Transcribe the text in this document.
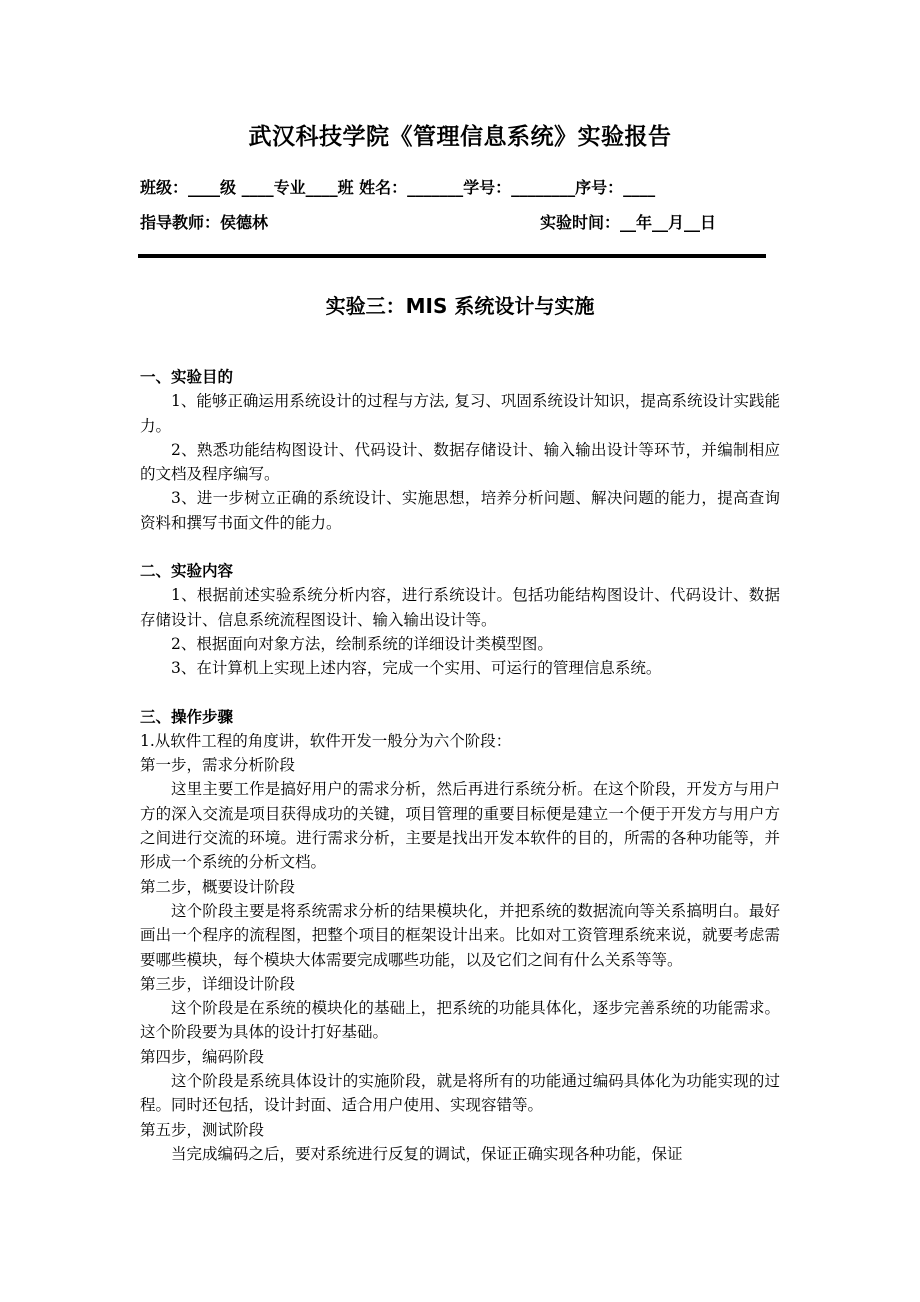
武汉科技学院《管理信息系统》实验报告
班级：____级 ____专业____班 姓名：_______学号：________序号：____
指导教师：侯德林	实验时间：__年__月__日
实验三：MIS 系统设计与实施

一、实验目的

1、能够正确运用系统设计的过程与方法, 复习、巩固系统设计知识，提高系统设计实践能力。

2、熟悉功能结构图设计、代码设计、数据存储设计、输入输出设计等环节，并编制相应的文档及程序编写。

3、进一步树立正确的系统设计、实施思想，培养分析问题、解决问题的能力，提高查询资料和撰写书面文件的能力。

二、实验内容

1、根据前述实验系统分析内容，进行系统设计。包括功能结构图设计、代码设计、数据存储设计、信息系统流程图设计、输入输出设计等。

2、根据面向对象方法，绘制系统的详细设计类模型图。

3、在计算机上实现上述内容，完成一个实用、可运行的管理信息系统。

三、操作步骤

1.从软件工程的角度讲，软件开发一般分为六个阶段：

第一步，需求分析阶段

这里主要工作是搞好用户的需求分析，然后再进行系统分析。在这个阶段，开发方与用户方的深入交流是项目获得成功的关键，项目管理的重要目标便是建立一个便于开发方与用户方之间进行交流的环境。进行需求分析，主要是找出开发本软件的目的，所需的各种功能等，并形成一个系统的分析文档。

第二步，概要设计阶段

这个阶段主要是将系统需求分析的结果模块化，并把系统的数据流向等关系搞明白。最好画出一个程序的流程图，把整个项目的框架设计出来。比如对工资管理系统来说，就要考虑需要哪些模块，每个模块大体需要完成哪些功能，以及它们之间有什么关系等等。

第三步，详细设计阶段

这个阶段是在系统的模块化的基础上，把系统的功能具体化，逐步完善系统的功能需求。这个阶段要为具体的设计打好基础。

第四步，编码阶段

这个阶段是系统具体设计的实施阶段，就是将所有的功能通过编码具体化为功能实现的过程。同时还包括，设计封面、适合用户使用、实现容错等。

第五步，测试阶段

当完成编码之后，要对系统进行反复的调试，保证正确实现各种功能，保证
